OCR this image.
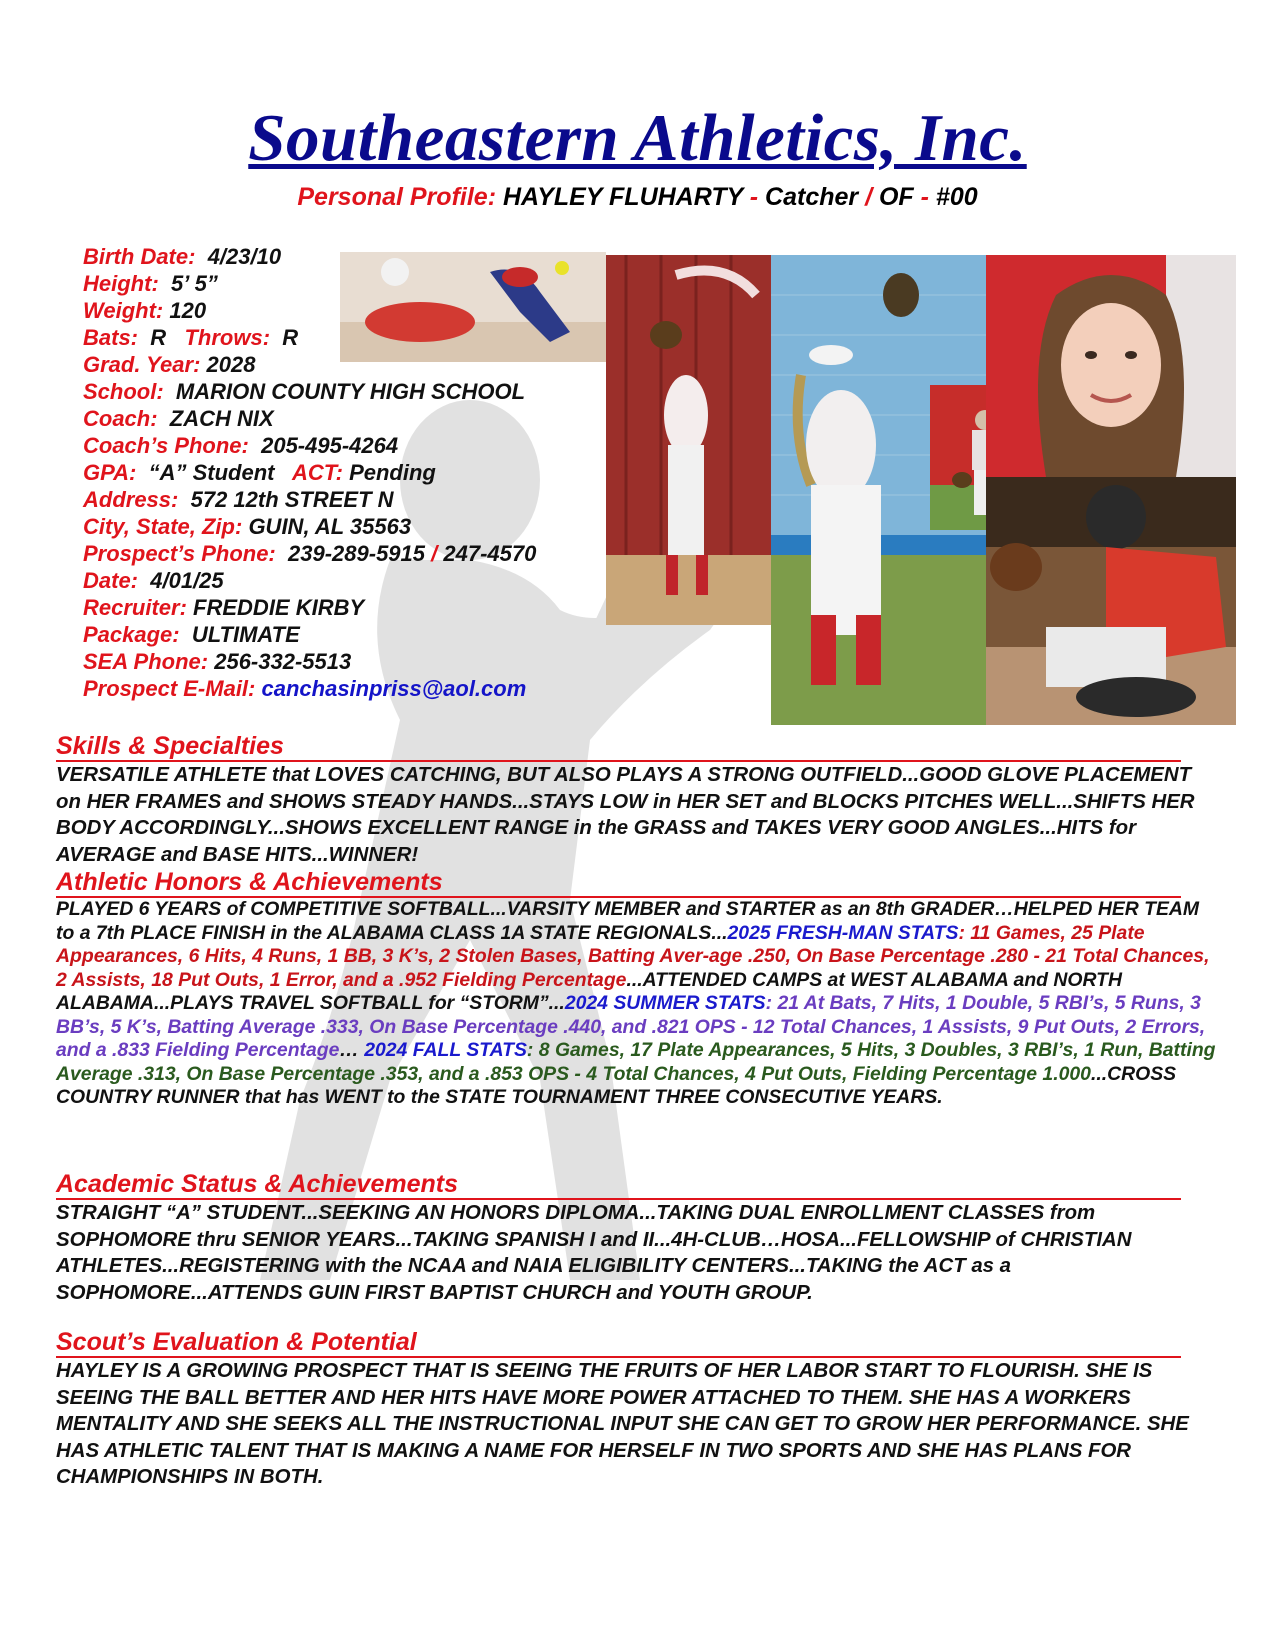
Southeastern Athletics, Inc.
Personal Profile: HAYLEY FLUHARTY - Catcher / OF - #00
Birth Date: 4/23/10
Height: 5’ 5”
Weight: 120
Bats: R Throws: R
Grad. Year: 2028
School: MARION COUNTY HIGH SCHOOL
Coach: ZACH NIX
Coach’s Phone: 205-495-4264
GPA: “A” Student ACT: Pending
Address: 572 12th STREET N
City, State, Zip: GUIN, AL 35563
Prospect’s Phone: 239-289-5915 / 247-4570
Date: 4/01/25
Recruiter: FREDDIE KIRBY
Package: ULTIMATE
SEA Phone: 256-332-5513
Prospect E-Mail: canchasinpriss@aol.com
Skills & Specialties
VERSATILE ATHLETE that LOVES CATCHING, BUT ALSO PLAYS A STRONG OUTFIELD...GOOD GLOVE PLACEMENT on HER FRAMES and SHOWS STEADY HANDS...STAYS LOW in HER SET and BLOCKS PITCHES WELL...SHIFTS HER BODY ACCORDINGLY...SHOWS EXCELLENT RANGE in the GRASS and TAKES VERY GOOD ANGLES...HITS for AVERAGE and BASE HITS...WINNER!
Athletic Honors & Achievements
PLAYED 6 YEARS of COMPETITIVE SOFTBALL...VARSITY MEMBER and STARTER as an 8th GRADER…HELPED HER TEAM to a 7th PLACE FINISH in the ALABAMA CLASS 1A STATE REGIONALS...2025 FRESH-MAN STATS: 11 Games, 25 Plate Appearances, 6 Hits, 4 Runs, 1 BB, 3 K’s, 2 Stolen Bases, Batting Aver-age .250, On Base Percentage .280 - 21 Total Chances, 2 Assists, 18 Put Outs, 1 Error, and a .952 Fielding Percentage...ATTENDED CAMPS at WEST ALABAMA and NORTH ALABAMA...PLAYS TRAVEL SOFTBALL for “STORM”...2024 SUMMER STATS: 21 At Bats, 7 Hits, 1 Double, 5 RBI’s, 5 Runs, 3 BB’s, 5 K’s, Batting Average .333, On Base Percentage .440, and .821 OPS - 12 Total Chances, 1 Assists, 9 Put Outs, 2 Errors, and a .833 Fielding Percentage… 2024 FALL STATS: 8 Games, 17 Plate Appearances, 5 Hits, 3 Doubles, 3 RBI’s, 1 Run, Batting Average .313, On Base Percentage .353, and a .853 OPS - 4 Total Chances, 4 Put Outs, Fielding Percentage 1.000...CROSS COUNTRY RUNNER that has WENT to the STATE TOURNAMENT THREE CONSECUTIVE YEARS.
Academic Status & Achievements
STRAIGHT “A” STUDENT...SEEKING AN HONORS DIPLOMA...TAKING DUAL ENROLLMENT CLASSES from SOPHOMORE thru SENIOR YEARS...TAKING SPANISH I and II...4H-CLUB…HOSA...FELLOWSHIP of CHRISTIAN ATHLETES...REGISTERING with the NCAA and NAIA ELIGIBILITY CENTERS...TAKING the ACT as a SOPHOMORE...ATTENDS GUIN FIRST BAPTIST CHURCH and YOUTH GROUP.
Scout’s Evaluation & Potential
HAYLEY IS A GROWING PROSPECT THAT IS SEEING THE FRUITS OF HER LABOR START TO FLOURISH. SHE IS SEEING THE BALL BETTER AND HER HITS HAVE MORE POWER ATTACHED TO THEM. SHE HAS A WORKERS MENTALITY AND SHE SEEKS ALL THE INSTRUCTIONAL INPUT SHE CAN GET TO GROW HER PERFORMANCE. SHE HAS ATHLETIC TALENT THAT IS MAKING A NAME FOR HERSELF IN TWO SPORTS AND SHE HAS PLANS FOR CHAMPIONSHIPS IN BOTH.
